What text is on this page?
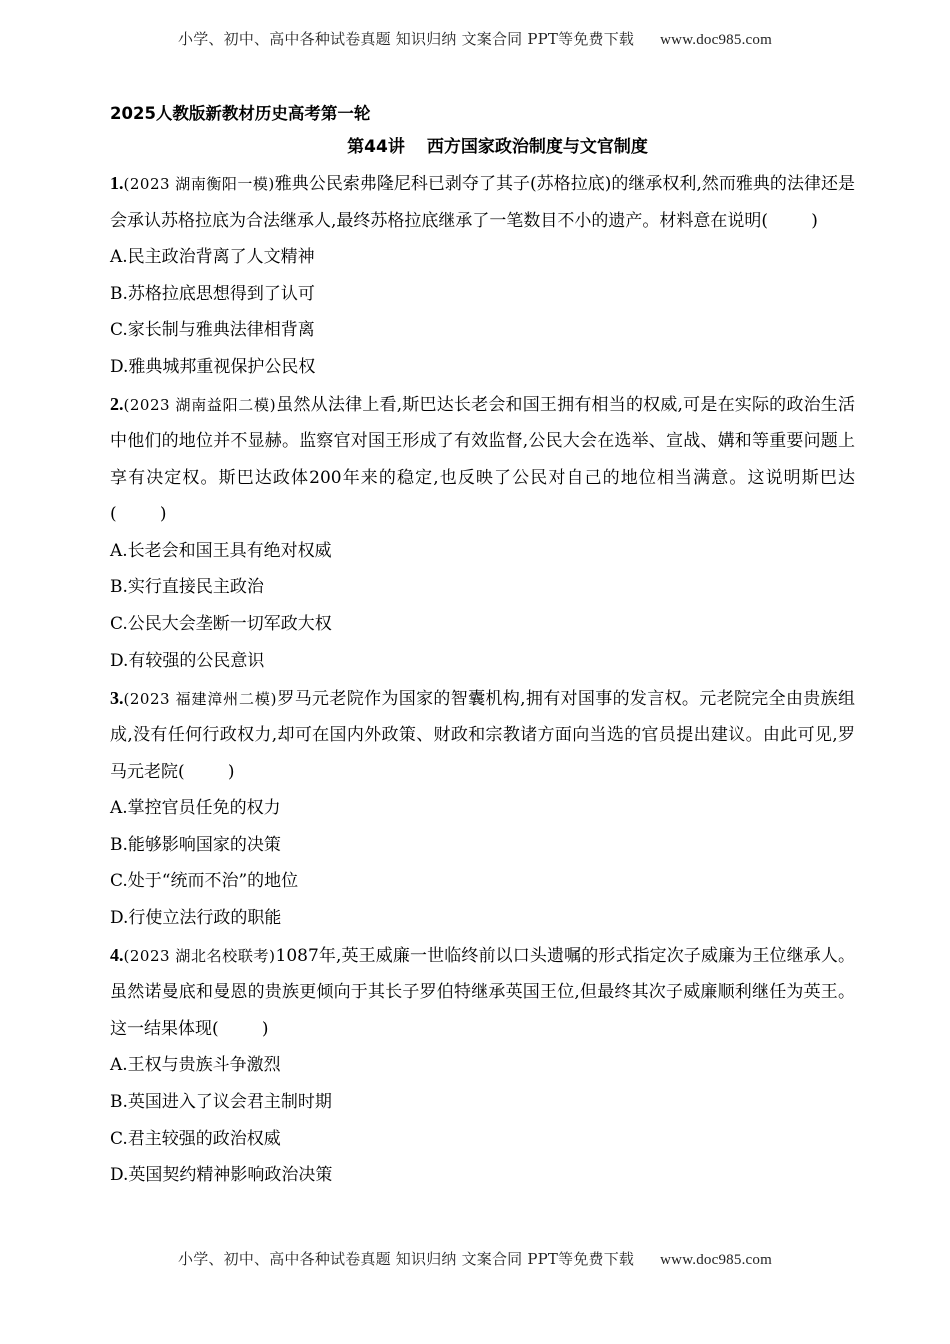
小学、初中、高中各种试卷真题 知识归纳 文案合同 PPT等免费下载 www.doc985.com
2025人教版新教材历史高考第一轮
第44讲 西方国家政治制度与文官制度
1.(2023 湖南衡阳一模)雅典公民索弗隆尼科已剥夺了其子(苏格拉底)的继承权利,然而雅典的法律还是会承认苏格拉底为合法继承人,最终苏格拉底继承了一笔数目不小的遗产。材料意在说明(        )
A.民主政治背离了人文精神
B.苏格拉底思想得到了认可
C.家长制与雅典法律相背离
D.雅典城邦重视保护公民权
2.(2023 湖南益阳二模)虽然从法律上看,斯巴达长老会和国王拥有相当的权威,可是在实际的政治生活中他们的地位并不显赫。监察官对国王形成了有效监督,公民大会在选举、宣战、媾和等重要问题上享有决定权。斯巴达政体200年来的稳定,也反映了公民对自己的地位相当满意。这说明斯巴达(        )
A.长老会和国王具有绝对权威
B.实行直接民主政治
C.公民大会垄断一切军政大权
D.有较强的公民意识
3.(2023 福建漳州二模)罗马元老院作为国家的智囊机构,拥有对国事的发言权。元老院完全由贵族组成,没有任何行政权力,却可在国内外政策、财政和宗教诸方面向当选的官员提出建议。由此可见,罗马元老院(        )
A.掌控官员任免的权力
B.能够影响国家的决策
C.处于“统而不治”的地位
D.行使立法行政的职能
4.(2023 湖北名校联考)1087年,英王威廉一世临终前以口头遗嘱的形式指定次子威廉为王位继承人。虽然诺曼底和曼恩的贵族更倾向于其长子罗伯特继承英国王位,但最终其次子威廉顺利继任为英王。这一结果体现(        )
A.王权与贵族斗争激烈
B.英国进入了议会君主制时期
C.君主较强的政治权威
D.英国契约精神影响政治决策
小学、初中、高中各种试卷真题 知识归纳 文案合同 PPT等免费下载 www.doc985.com
